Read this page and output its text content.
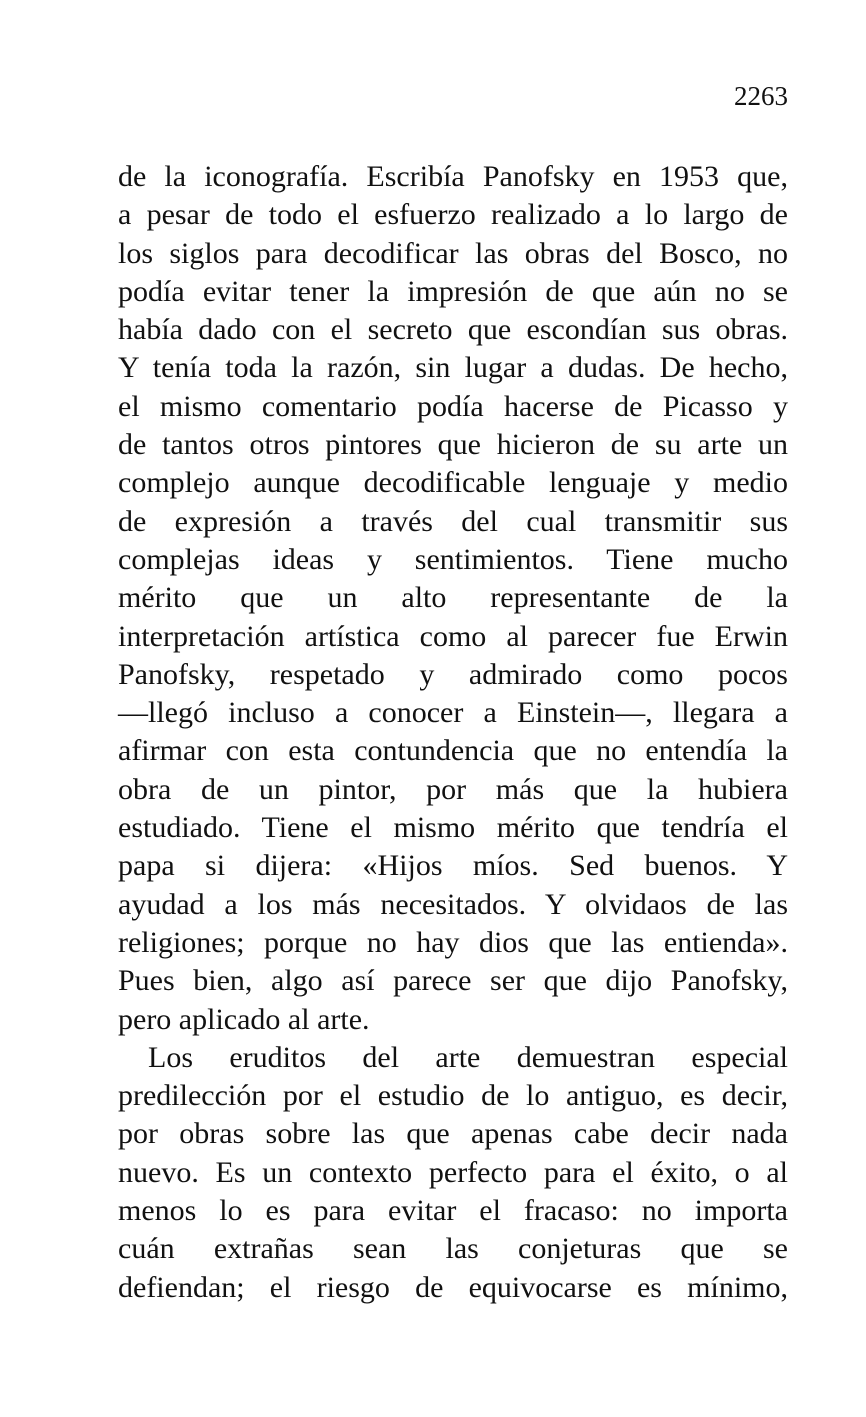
2263
de la iconografía. Escribía Panofsky en 1953 que,
a pesar de todo el esfuerzo realizado a lo largo de
los siglos para decodificar las obras del Bosco, no
podía evitar tener la impresión de que aún no se
había dado con el secreto que escondían sus obras.
Y tenía toda la razón, sin lugar a dudas. De hecho,
el mismo comentario podía hacerse de Picasso y
de tantos otros pintores que hicieron de su arte un
complejo aunque decodificable lenguaje y medio
de expresión a través del cual transmitir sus
complejas ideas y sentimientos. Tiene mucho
mérito que un alto representante de la
interpretación artística como al parecer fue Erwin
Panofsky, respetado y admirado como pocos
—llegó incluso a conocer a Einstein—, llegara a
afirmar con esta contundencia que no entendía la
obra de un pintor, por más que la hubiera
estudiado. Tiene el mismo mérito que tendría el
papa si dijera: «Hijos míos. Sed buenos. Y
ayudad a los más necesitados. Y olvidaos de las
religiones; porque no hay dios que las entienda».
Pues bien, algo así parece ser que dijo Panofsky,
pero aplicado al arte.
Los eruditos del arte demuestran especial
predilección por el estudio de lo antiguo, es decir,
por obras sobre las que apenas cabe decir nada
nuevo. Es un contexto perfecto para el éxito, o al
menos lo es para evitar el fracaso: no importa
cuán extrañas sean las conjeturas que se
defiendan; el riesgo de equivocarse es mínimo,
